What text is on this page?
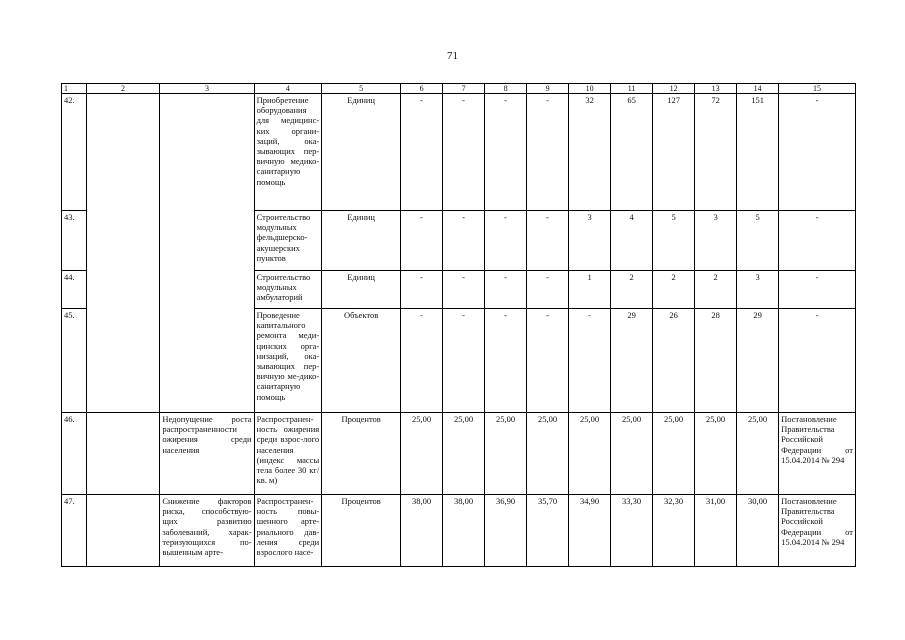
71
1	2	3	4	5	6	7	8	9	10	11	12	13	14	15
42.			Приобретение оборудования для медицинс-ких органи-заций, ока-зывающих пер-вичную медико-санитарную помощь	Единиц	-	-	-	-	32	65	127	72	151	-
43.			Строительство модульных фельдшерско-акушерских пунктов	Единиц	-	-	-	-	3	4	5	3	5	-
44.			Строительство модульных амбулаторий	Единиц	-	-	-	-	1	2	2	2	3	-
45.			Проведение капитального ремонта меди-цинских орга-низаций, ока-зывающих пер-вичную ме-дико-санитарную помощь	Объектов	-	-	-	-	-	29	26	28	29	-
46.		Недопущение роста распространенности ожирения среди населения	Распространен-ность ожирения среди взрос-лого населения (индекс массы тела более 30 кг/кв. м)	Процентов	25,00	25,00	25,00	25,00	25,00	25,00	25,00	25,00	25,00	Постановление Правительства Российской Федерации от 15.04.2014 № 294
47.		Снижение факторов риска, способствую-щих развитию заболеваний, харак-теризующихся по-вышенным арте-	Распространен-ность повы-шенного арте-риального дав-ления среди взрослого насе-	Процентов	38,00	38,00	36,90	35,70	34,90	33,30	32,30	31,00	30,00	Постановление Правительства Российской Федерации от 15.04.2014 № 294
